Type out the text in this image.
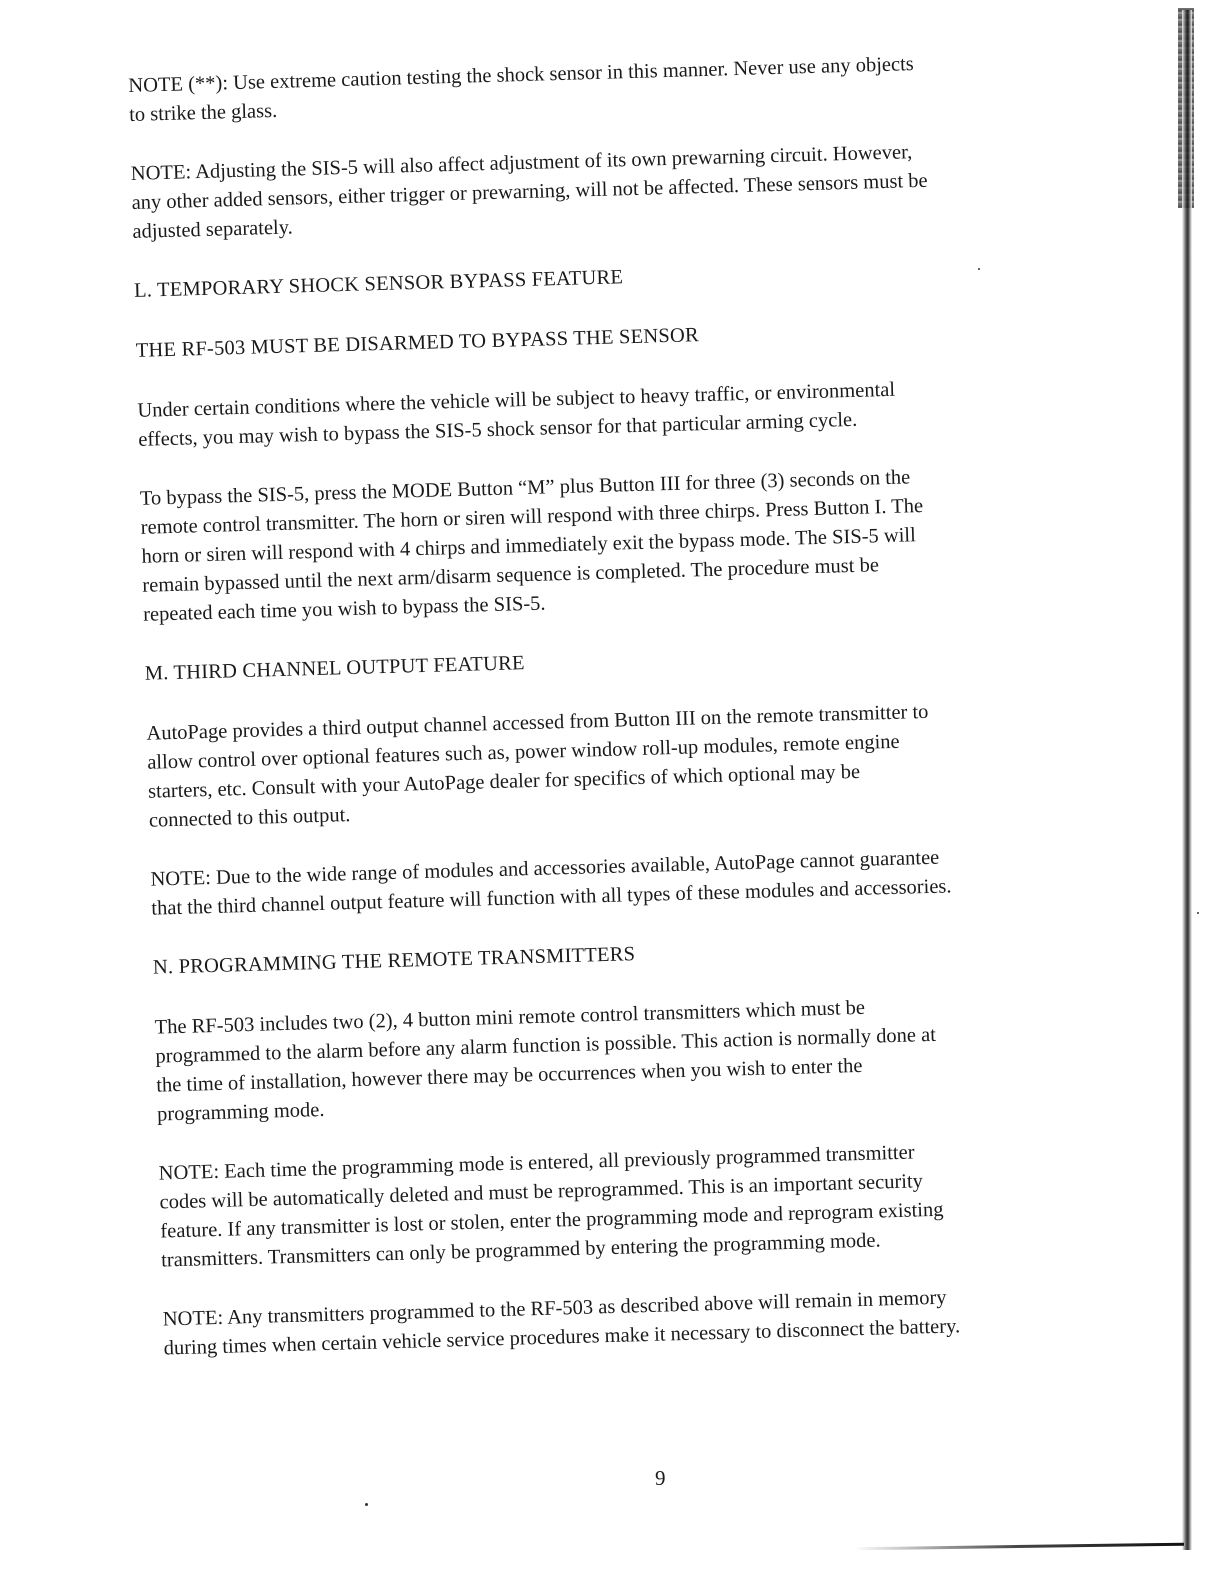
NOTE (**): Use extreme caution testing the shock sensor in this manner. Never use any objects
to strike the glass.

NOTE: Adjusting the SIS-5 will also affect adjustment of its own prewarning circuit. However,
any other added sensors, either trigger or prewarning, will not be affected. These sensors must be
adjusted separately.

L. TEMPORARY SHOCK SENSOR BYPASS FEATURE

THE RF-503 MUST BE DISARMED TO BYPASS THE SENSOR

Under certain conditions where the vehicle will be subject to heavy traffic, or environmental
effects, you may wish to bypass the SIS-5 shock sensor for that particular arming cycle.

To bypass the SIS-5, press the MODE Button “M” plus Button III for three (3) seconds on the
remote control transmitter. The horn or siren will respond with three chirps. Press Button I. The
horn or siren will respond with 4 chirps and immediately exit the bypass mode. The SIS-5 will
remain bypassed until the next arm/disarm sequence is completed. The procedure must be
repeated each time you wish to bypass the SIS-5.

M. THIRD CHANNEL OUTPUT FEATURE

AutoPage provides a third output channel accessed from Button III on the remote transmitter to
allow control over optional features such as, power window roll-up modules, remote engine
starters, etc. Consult with your AutoPage dealer for specifics of which optional may be
connected to this output.

NOTE: Due to the wide range of modules and accessories available, AutoPage cannot guarantee
that the third channel output feature will function with all types of these modules and accessories.

N. PROGRAMMING THE REMOTE TRANSMITTERS

The RF-503 includes two (2), 4 button mini remote control transmitters which must be
programmed to the alarm before any alarm function is possible. This action is normally done at
the time of installation, however there may be occurrences when you wish to enter the
programming mode.

NOTE: Each time the programming mode is entered, all previously programmed transmitter
codes will be automatically deleted and must be reprogrammed. This is an important security
feature. If any transmitter is lost or stolen, enter the programming mode and reprogram existing
transmitters. Transmitters can only be programmed by entering the programming mode.

NOTE: Any transmitters programmed to the RF-503 as described above will remain in memory
during times when certain vehicle service procedures make it necessary to disconnect the battery.

9
